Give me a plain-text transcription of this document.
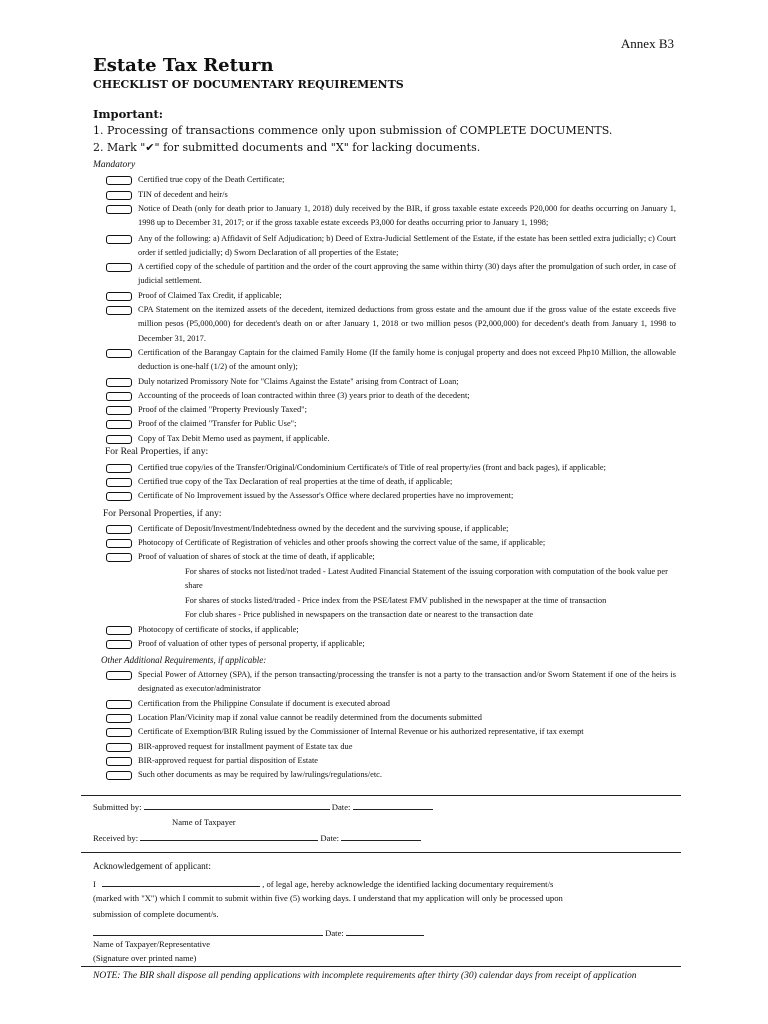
Annex B3
Estate Tax Return
CHECKLIST OF DOCUMENTARY REQUIREMENTS
Important:
1. Processing of transactions commence only upon submission of COMPLETE DOCUMENTS.
2. Mark "✔" for submitted documents and "X" for lacking documents.
Mandatory
Certified true copy of the Death Certificate;
TIN of decedent and heir/s
Notice of Death (only for death prior to January 1, 2018) duly received by the BIR, if gross taxable estate exceeds P20,000 for deaths occurring on January 1, 1998 up to December 31, 2017; or if the gross taxable estate exceeds P3,000 for deaths occurring prior to January 1, 1998;
Any of the following: a) Affidavit of Self Adjudication; b) Deed of Extra-Judicial Settlement of the Estate, if the estate has been settled extra judicially; c) Court order if settled judicially; d) Sworn Declaration of all properties of the Estate;
A certified copy of the schedule of partition and the order of the court approving the same within thirty (30) days after the promulgation of such order, in case of judicial settlement.
Proof of Claimed Tax Credit, if applicable;
CPA Statement on the itemized assets of the decedent, itemized deductions from gross estate and the amount due if the gross value of the estate exceeds five million pesos (P5,000,000) for decedent's death on or after January 1, 2018 or two million pesos (P2,000,000) for decedent's death from January 1, 1998 to December 31, 2017.
Certification of the Barangay Captain for the claimed Family Home (If the family home is conjugal property and does not exceed Php10 Million, the allowable deduction is one-half (1/2) of the amount only);
Duly notarized Promissory Note for "Claims Against the Estate" arising from Contract of Loan;
Accounting of the proceeds of loan contracted within three (3) years prior to death of the decedent;
Proof of the claimed "Property Previously Taxed";
Proof of the claimed "Transfer for Public Use";
Copy of Tax Debit Memo used as payment, if applicable.
For Real Properties, if any:
Certified true copy/ies of the Transfer/Original/Condominium Certificate/s of Title of real property/ies (front and back pages), if applicable;
Certified true copy of the Tax Declaration of real properties at the time of death, if applicable;
Certificate of No Improvement issued by the Assessor's Office where declared properties have no improvement;
For Personal Properties, if any:
Certificate of Deposit/Investment/Indebtedness owned by the decedent and the surviving spouse, if applicable;
Photocopy of Certificate of Registration of vehicles and other proofs showing the correct value of the same, if applicable;
Proof of valuation of shares of stock at the time of death, if applicable;
For shares of stocks not listed/not traded - Latest Audited Financial Statement of the issuing corporation with computation of the book value per share
For shares of stocks listed/traded - Price index from the PSE/latest FMV published in the newspaper at the time of transaction
For club shares - Price published in newspapers on the transaction date or nearest to the transaction date
Photocopy of certificate of stocks, if applicable;
Proof of valuation of other types of personal property, if applicable;
Other Additional Requirements, if applicable:
Special Power of Attorney (SPA), if the person transacting/processing the transfer is not a party to the transaction and/or Sworn Statement if one of the heirs is designated as executor/administrator
Certification from the Philippine Consulate if document is executed abroad
Location Plan/Vicinity map if zonal value cannot be readily determined from the documents submitted
Certificate of Exemption/BIR Ruling issued by the Commissioner of Internal Revenue or his authorized representative, if tax exempt
BIR-approved request for installment payment of Estate tax due
BIR-approved request for partial disposition of Estate
Such other documents as may be required by law/rulings/regulations/etc.
Submitted by:	Date:
Name of Taxpayer
Received by:	Date:
Acknowledgement of applicant:
I	, of legal age, hereby acknowledge the identified lacking documentary requirement/s
(marked with "X") which I commit to submit within five (5) working days. I understand that my application will only be processed upon
submission of complete document/s.
Date:
Name of Taxpayer/Representative
(Signature over printed name)
NOTE: The BIR shall dispose all pending applications with incomplete requirements after thirty (30) calendar days from receipt of application
